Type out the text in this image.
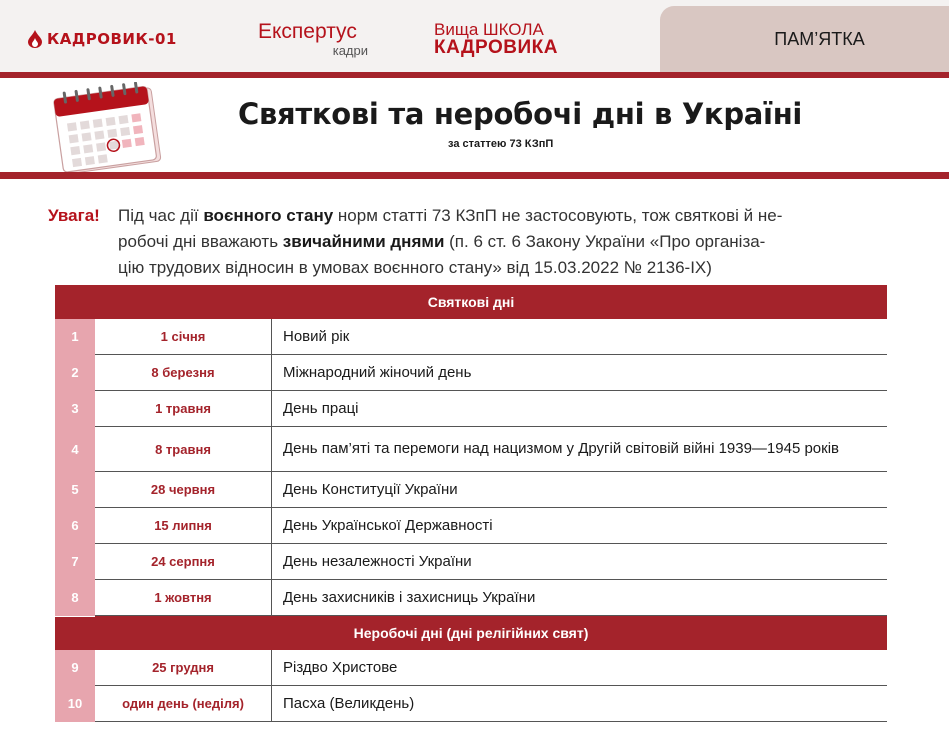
КАДРОВИК-01	Експертус
кадри
Вища ШКОЛА
КАДРОВИКА	ПАМ’ЯТКА
Святкові та неробочі дні в Україні
за статтею 73 КЗпП
Увага!	Під час дії воєнного стану норм статті 73 КЗпП не застосовують, тож святкові й не-
робочі дні вважають звичайними днями (п. 6 ст. 6 Закону України «Про організа-
цію трудових відносин в умовах воєнного стану» від 15.03.2022 № 2136-IX)
Святкові дні
1	1 січня	Новий рік
2	8 березня	Міжнародний жіночий день
3	1 травня	День праці
4	8 травня	День пам’яті та перемоги над нацизмом у Другій світовій війні 1939—1945 років
5	28 червня	День Конституції України
6	15 липня	День Української Державності
7	24 серпня	День незалежності України
8	1 жовтня	День захисників і захисниць України
Неробочі дні (дні релігійних свят)
9	25 грудня	Різдво Христове
10	один день (неділя)	Пасха (Великдень)
